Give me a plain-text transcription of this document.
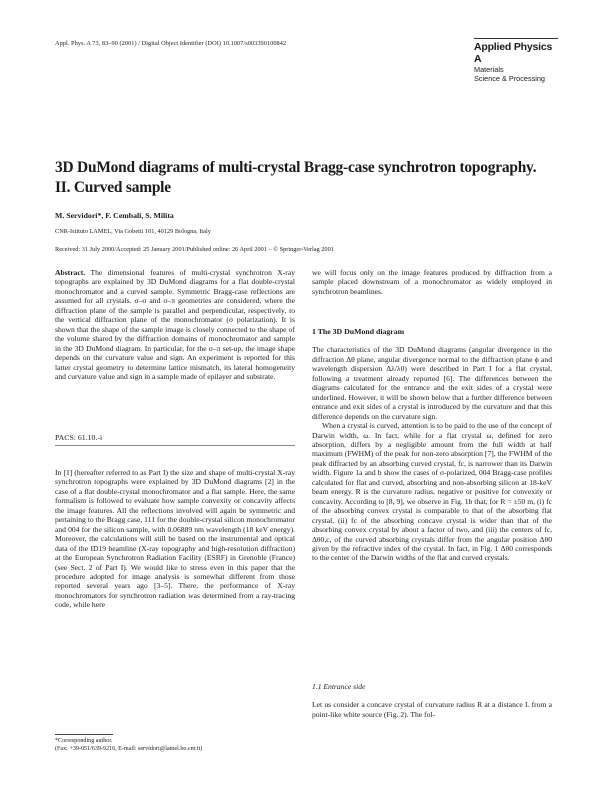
Appl. Phys. A 73, 83–90 (2001) / Digital Object Identifier (DOI) 10.1007/s003390100842	Applied Physics A
Materials
Science & Processing
3D DuMond diagrams of multi-crystal Bragg-case synchrotron topography. II. Curved sample
M. Servidori*, F. Cembali, S. Milita
CNR-Istituto LAMEL, Via Gobetti 101, 40129 Bologna, Italy
Received: 31 July 2000/Accepted: 25 January 2001/Published online: 26 April 2001 – © Springer-Verlag 2001

Abstract. The dimensional features of multi-crystal synchrotron X-ray topographs are explained by 3D DuMond diagrams for a flat double-crystal monochromator and a curved sample. Symmetric Bragg-case reflections are assumed for all crystals. σ–σ and σ–π geometries are considered, where the diffraction plane of the sample is parallel and perpendicular, respectively, to the vertical diffraction plane of the monochromator (σ polarization). It is shown that the shape of the sample image is closely connected to the shape of the volume shared by the diffraction domains of monochromator and sample in the 3D DuMond diagram. In particular, for the σ–π set-up, the image shape depends on the curvature value and sign. An experiment is reported for this latter crystal geometry to determine lattice mismatch, its lateral homogeneity and curvature value and sign in a sample made of epilayer and substrate.

PACS: 61.10.-i

In [1] (hereafter referred to as Part I) the size and shape of multi-crystal X-ray synchrotron topographs were explained by 3D DuMond diagrams [2] in the case of a flat double-crystal monochromator and a flat sample. Here, the same formalism is followed to evaluate how sample convexity or concavity affects the image features. All the reflections involved will again be symmetric and pertaining to the Bragg case, 111 for the double-crystal silicon monochromator and 004 for the silicon sample, with 0.06889 nm wavelength (18 keV energy). Moreover, the calculations will still be based on the instrumental and optical data of the ID19 beamline (X-ray topography and high-resolution diffraction) at the European Synchrotron Radiation Facility (ESRF) in Grenoble (France) (see Sect. 2 of Part I). We would like to stress even in this paper that the procedure adopted for image analysis is somewhat different from those reported several years ago [3–5]. There, the performance of X-ray monochromators for synchrotron radiation was determined from a ray-tracing code, while here

*Corresponding author.
(Fax: +39-051/639-9216, E-mail: servidori@lamel.bo.cnr.it)

we will focus only on the image features produced by diffraction from a sample placed downstream of a monochromator as widely employed in synchrotron beamlines.

1 The 3D DuMond diagram

The characteristics of the 3D DuMond diagrams (angular divergence in the diffraction Δθ plane, angular divergence normal to the diffraction plane ϕ and wavelength dispersion Δλ/λ0) were described in Part I for a flat crystal, following a treatment already reported [6]. The differences between the diagrams calculated for the entrance and the exit sides of a crystal were underlined. However, it will be shown below that a further difference between entrance and exit sides of a crystal is introduced by the curvature and that this difference depends on the curvature sign.

When a crystal is curved, attention is to be paid to the use of the concept of Darwin width, ω. In fact, while for a flat crystal ω, defined for zero absorption, differs by a negligible amount from the full width at half maximum (FWHM) of the peak for non-zero absorption [7], the FWHM of the peak diffracted by an absorbing curved crystal, fc, is narrower than its Darwin width. Figure 1a and b show the cases of σ-polarized, 004 Bragg-case profiles calculated for flat and curved, absorbing and non-absorbing silicon at 18-keV beam energy. R is the curvature radius, negative or positive for convexity or concavity. According to [8, 9], we observe in Fig. 1b that, for R = ±50 m, (i) fc of the absorbing convex crystal is comparable to that of the absorbing flat crystal, (ii) fc of the absorbing concave crystal is wider than that of the absorbing convex crystal by about a factor of two, and (iii) the centers of fc, Δθ0,c, of the curved absorbing crystals differ from the angular position Δθ0 given by the refractive index of the crystal. In fact, in Fig. 1 Δθ0 corresponds to the center of the Darwin widths of the flat and curved crystals.

1.1 Entrance side

Let us consider a concave crystal of curvature radius R at a distance L from a point-like white source (Fig. 2). The fol-
